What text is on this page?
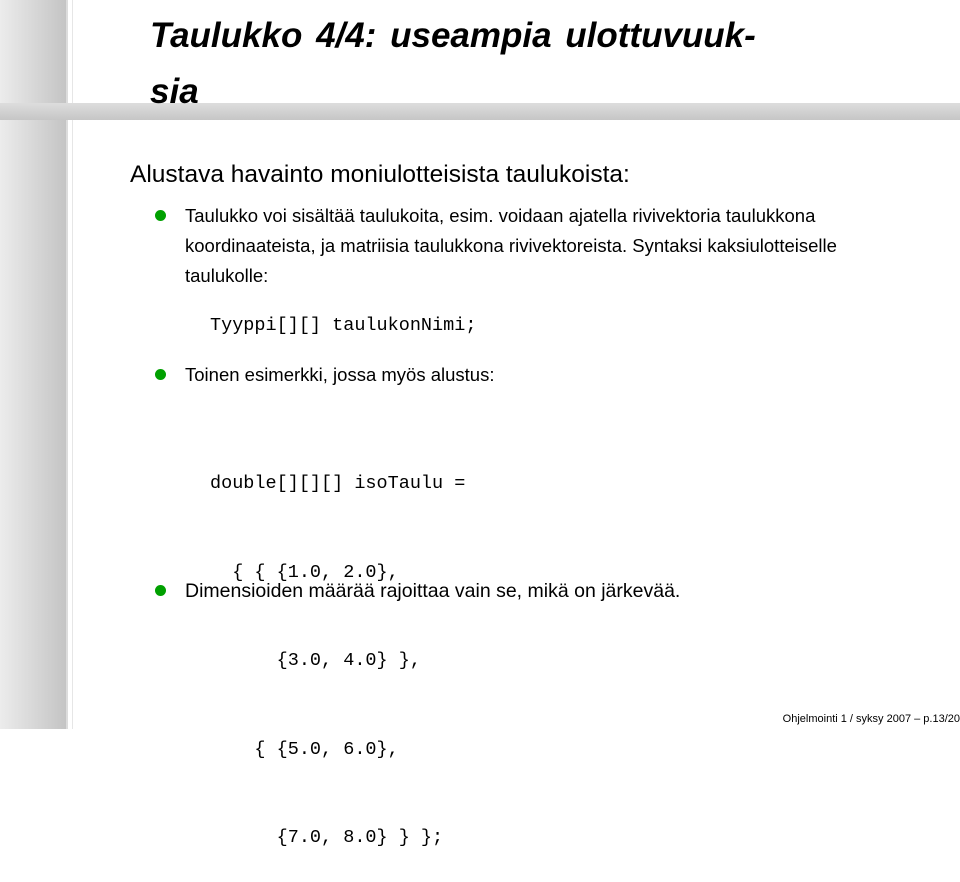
Taulukko 4/4: useampia ulottuvuuk-
sia
Alustava havainto moniulotteisista taulukoista:
Taulukko voi sisältää taulukoita, esim. voidaan ajatella rivivektoria taulukkona koordinaateista, ja matriisia taulukkona rivivektoreista. Syntaksi kaksiulotteiselle taulukolle:
Tyyppi[][] taulukonNimi;
Toinen esimerkki, jossa myös alustus:

double[][][] isoTaulu =

{ { {1.0, 2.0},

{3.0, 4.0} },

{ {5.0, 6.0},

{7.0, 8.0} } };

Dimensioiden määrää rajoittaa vain se, mikä on järkevää.
Ohjelmointi 1 / syksy 2007 – p.13/20
